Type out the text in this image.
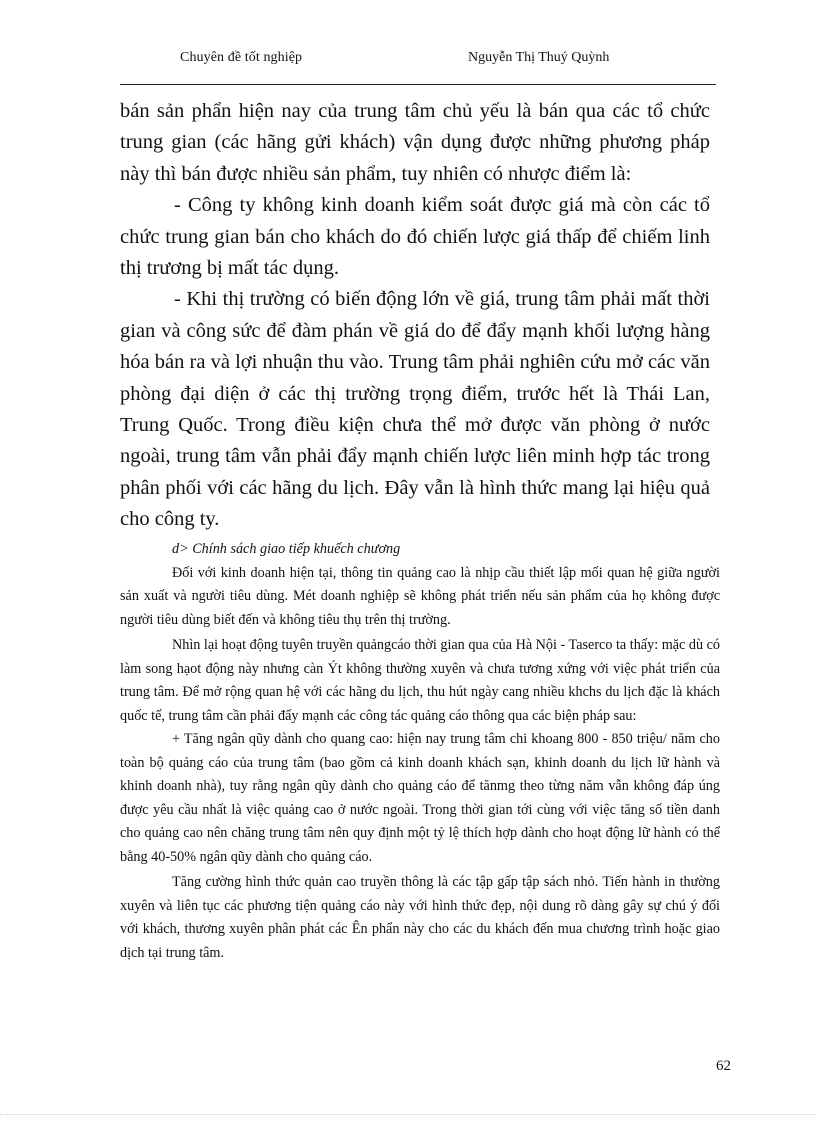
Chuyên đề tốt nghiệp	Nguyễn Thị Thuý Quỳnh

bán sản phẩn hiện nay của trung tâm chủ yếu là bán qua các tổ chức trung gian (các hãng gửi khách) vận dụng được những phương pháp này thì bán được nhiều sản phẩm, tuy nhiên có nhược điểm là:

- Công ty không kinh doanh kiểm soát được giá mà còn các tổ chức trung gian bán cho khách do đó chiến lược giá thấp để chiếm linh thị trương bị mất tác dụng.

- Khi thị trường có biến động lớn về giá, trung tâm phải mất thời gian và công sức để đàm phán về giá do để đẩy mạnh khối lượng hàng hóa bán ra và lợi nhuận thu vào. Trung tâm phải nghiên cứu mở các văn phòng đại diện ở các thị trường trọng điểm, trước hết là Thái Lan, Trung Quốc. Trong điều kiện chưa thể mở được văn phòng ở nước ngoài, trung tâm vẫn phải đẩy mạnh chiến lược liên minh hợp tác trong phân phối với các hãng du lịch. Đây vẫn là hình thức mang lại hiệu quả cho công ty.

d> Chính sách giao tiếp khuếch chương

Đối với kinh doanh hiện tại, thông tin quảng cao là nhịp cầu thiết lập mối quan hệ giữa người sản xuất và người tiêu dùng. Mét doanh nghiệp sẽ không phát triển nếu sản phẩm của họ không được người tiêu dùng biết đến và không tiêu thụ trên thị trường.

Nhìn lại hoạt động tuyên truyền quảngcáo thời gian qua của Hà Nội - Taserco ta thấy: mặc dù có làm song hạot động này nhưng càn Ýt không thường xuyên và chưa tương xứng với việc phát triển của trung tâm. Để mở rộng quan hệ với các hãng du lịch, thu hút ngày cang nhiều khchs du lịch đặc là khách quốc tế, trung tâm cần phải đẩy mạnh các công tác quảng cáo thông qua các biện pháp sau:

+ Tăng ngân qũy dành cho quang cao: hiện nay trung tâm chi khoang 800 - 850 triệu/ năm cho toàn bộ quảng cáo của trung tâm (bao gồm cả kinh doanh khách sạn, khinh doanh du lịch lữ hành và khinh doanh nhà), tuy rằng ngân qũy dành cho quảng cáo để tănmg theo từng năm vẫn không đáp úng được yêu cầu nhất là việc quảng cao ở nước ngoài. Trong thời gian tới cùng với việc tăng số tiền danh cho quảng cao nên chăng trung tâm nên quy định một tỷ lệ thích hợp dành cho hoạt động lữ hành có thể bằng 40-50% ngân qũy dành cho quảng cáo.

Tăng cường hình thức quản cao truyền thông là các tập gấp tập sách nhỏ. Tiến hành in thường xuyên và liên tục các phương tiện quảng cáo này với hình thức đẹp, nội dung rõ dàng gây sự chú ý đối với khách, thương xuyên phân phát các Ên phẩn này cho các du khách đến mua chương trình hoặc giao dịch tại trung tâm.

62
